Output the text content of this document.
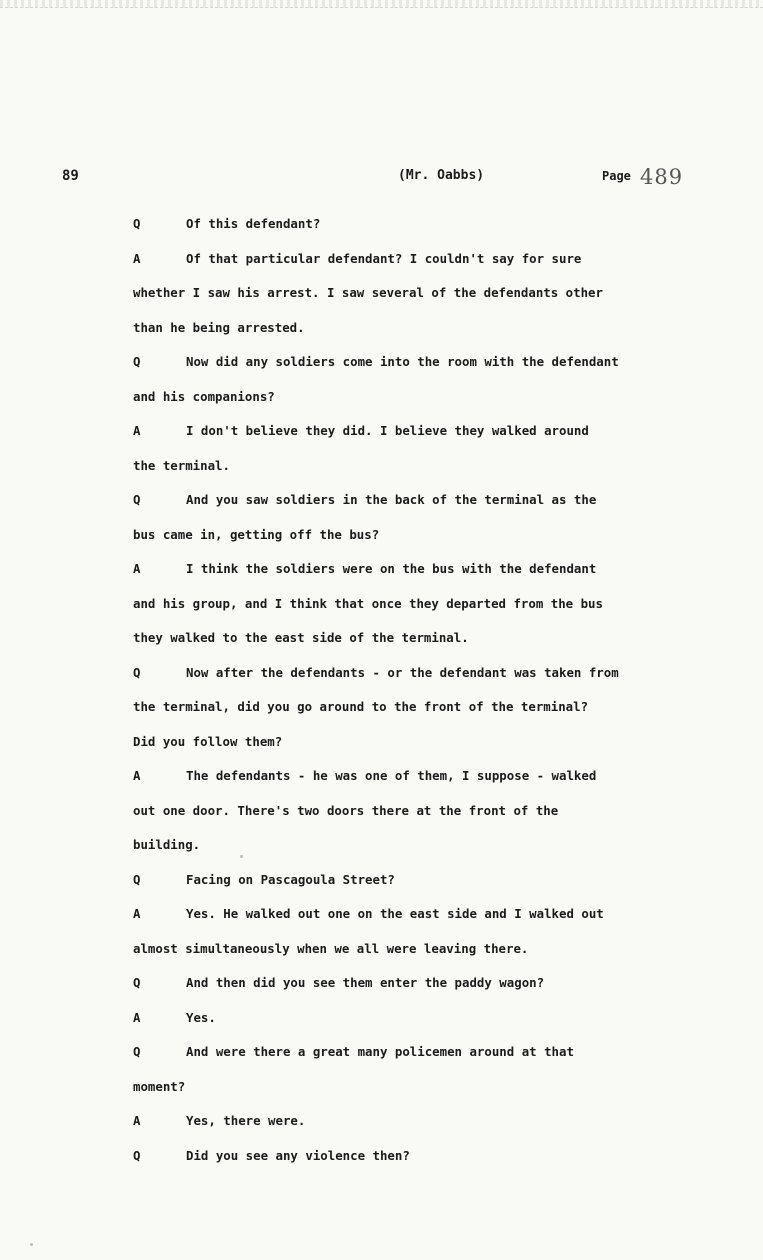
89	(Mr. Oabbs)	Page 489
Q	Of this defendant?
A	Of that particular defendant? I couldn't say for sure
whether I saw his arrest. I saw several of the defendants other
than he being arrested.
Q	Now did any soldiers come into the room with the defendant
and his companions?
A	I don't believe they did. I believe they walked around
the terminal.
Q	And you saw soldiers in the back of the terminal as the
bus came in, getting off the bus?
A	I think the soldiers were on the bus with the defendant
and his group, and I think that once they departed from the bus
they walked to the east side of the terminal.
Q	Now after the defendants - or the defendant was taken from
the terminal, did you go around to the front of the terminal?
Did you follow them?
A	The defendants - he was one of them, I suppose - walked
out one door. There's two doors there at the front of the
building.
Q	Facing on Pascagoula Street?
A	Yes. He walked out one on the east side and I walked out
almost simultaneously when we all were leaving there.
Q	And then did you see them enter the paddy wagon?
A	Yes.
Q	And were there a great many policemen around at that
moment?
A	Yes, there were.
Q	Did you see any violence then?
